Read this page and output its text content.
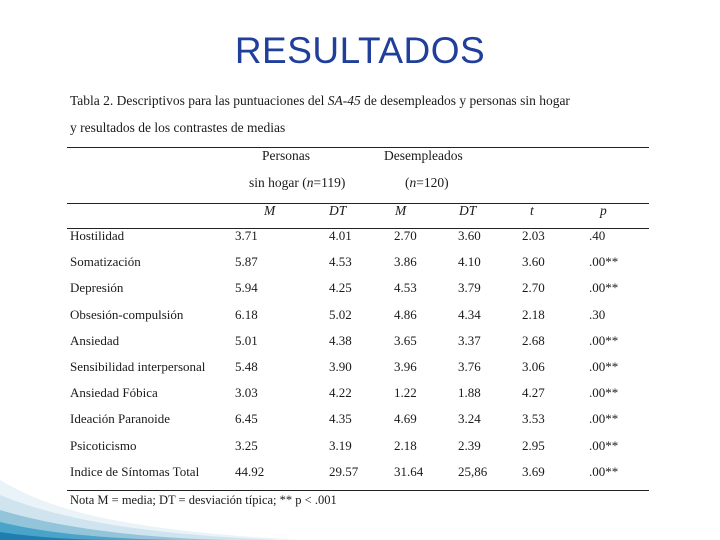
RESULTADOS
Tabla 2. Descriptivos para las puntuaciones del SA-45 de desempleados y personas sin hogar
y resultados de los contrastes de medias
Personas
sin hogar (n=119)
Desempleados
(n=120)
M	DT	M	DT	t	p
Hostilidad	3.71	4.01	2.70	3.60	2.03	.40
Somatización	5.87	4.53	3.86	4.10	3.60	.00**
Depresión	5.94	4.25	4.53	3.79	2.70	.00**
Obsesión-compulsión	6.18	5.02	4.86	4.34	2.18	.30
Ansiedad	5.01	4.38	3.65	3.37	2.68	.00**
Sensibilidad interpersonal 5.48	3.90	3.96	3.76	3.06	.00**
Ansiedad Fóbica	3.03	4.22	1.22	1.88	4.27	.00**
Ideación Paranoide	6.45	4.35	4.69	3.24	3.53	.00**
Psicoticismo	3.25	3.19	2.18	2.39	2.95	.00**
Indice de Síntomas Total	44.92	29.57	31.64	25,86	3.69	.00**
Nota M = media; DT = desviación típica; ** p < .001
